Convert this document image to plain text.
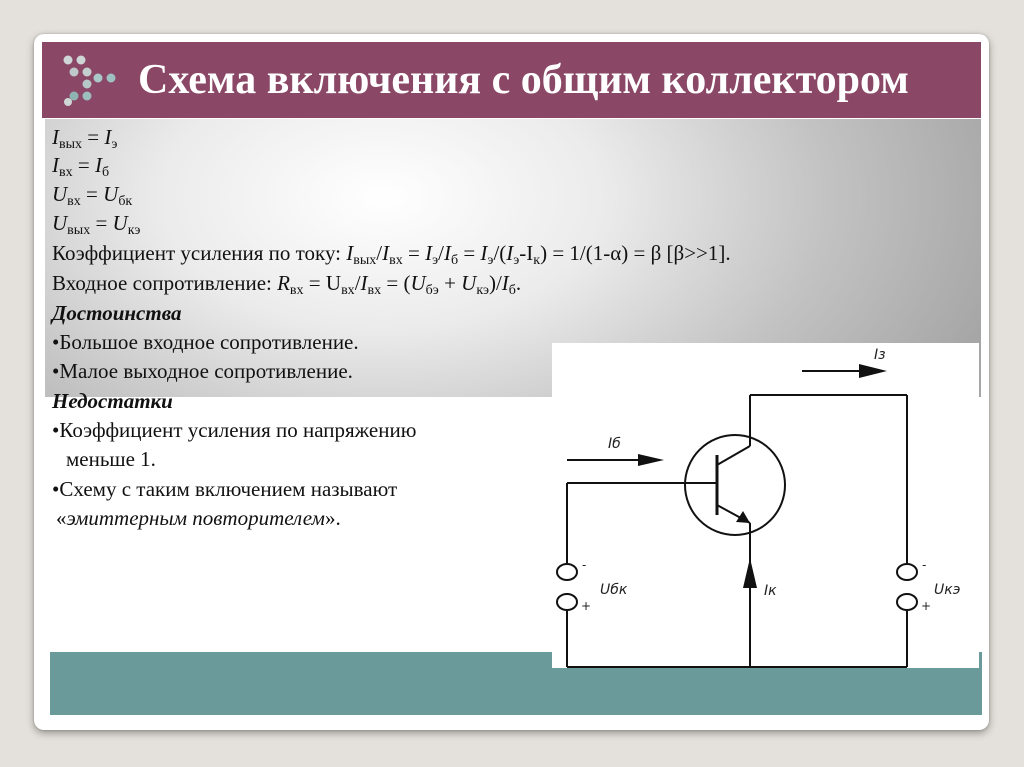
Схема включения с общим коллектором
$I_{вых} = I_э$
$I_{вх} = I_б$
$U_{вх} = U_{бк}$
$U_{вых} = U_{кэ}$
Коэффициент усиления по току: $I_{вых}/I_{вх} = I_э/I_б = I_э/(I_э-I_к) = 1/(1-\alpha) = \beta$ [β>>1].
Входное сопротивление: $R_{вх} = U_{вх}/I_{вх} = (U_{бэ} + U_{кэ})/I_б$.
Достоинства
•Большое входное сопротивление.
•Малое выходное сопротивление.
Недостатки
•Коэффициент усиления по напряжению
меньше 1.
•Схему с таким включением называют
«эмиттерным повторителем».
Iз
Iб
Iк
Uбк	Uкэ
-
+
-
+
